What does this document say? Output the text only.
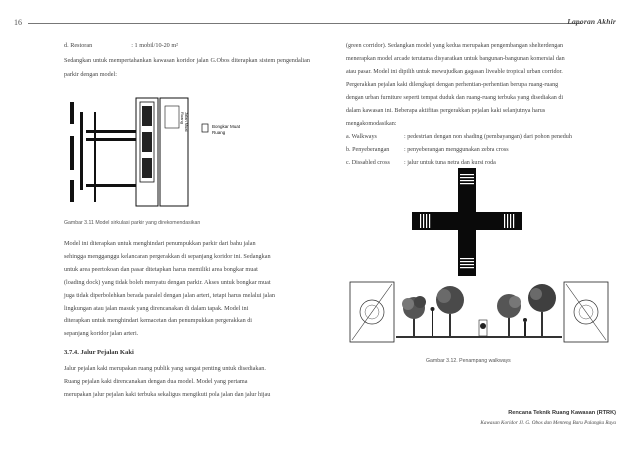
16	Laporan Akhir
d. Restoran	: 1 mobil/10-20 m²
Sedangkan untuk mempertahankan kawasan koridor jalan G.Obos diterapkan sistem pengendalian parkir dengan model:
Ruang Jalan Muat	Bongkar Muat
Ruang
Gambar 3.11 Model sirkulasi parkir yang direkomendasikan
Model ini diterapkan untuk menghindari penumpukkan parkir dari bahu jalan
sehingga mengganggu kelancaran pergerakkan di sepanjang koridor ini. Sedangkan
untuk area peertokoan dan pasar ditetapkan harus memiliki area bongkar muat
(loading dock) yang tidak boleh menyatu dengan parkir. Akses untuk bongkar muat
juga tidak diperbolehkan berada paralel dengan jalan arteri, tetapi harus melalui jalan
lingkungan atau jalan masuk yang direncanakan di dalam tapak. Model ini
diterapkan untuk menghindari kemacetan dan penumpukkan pergerakkan di
sepanjang koridor jalan arteri.
3.7.4. Jalur Pejalan Kaki
Jalur pejalan kaki merupakan ruang publik yang sangat penting untuk disediakan.
Ruang pejalan kaki direncanakan dengan dua model. Model yang pertama
merupakan jalur pejalan kaki terbuka sekaligus mengikuti pola jalan dan jalur hijau
(green corridor). Sedangkan model yang kedua merupakan pengembangan shelterdengan
menerapkan model arcade terutama disyaratkan untuk bangunan-bangunan komersial dan
atau pasar. Model ini dipilih untuk mewujudkan gagasan liveable tropical urban corridor.
Pergerakkan pejalan kaki dilengkapi dengan perhentian-perhentian berupa ruang-ruang
dengan urban furniture seperti tempat duduk dan ruang-ruang terbuka yang disediakan di
dalam kawasan ini. Beberapa aktifitas pergerakkan pejalan kaki selanjutnya harus
mengakomodasikan:
a. Walkways	: pedestrian dengan non shading (pembayangan) dari pohon peneduh
b. Penyeberangan	: penyeberangan menggunakan zebra cross
c. Dissabled cross	: jalur untuk tuna netra dan kursi roda
Gambar 3.12. Penampang walkways
Rencana Teknik Ruang Kawasan (RTRK)
Kawasan Koridor Jl. G. Obos dan Menteng Baru Palangka Raya
